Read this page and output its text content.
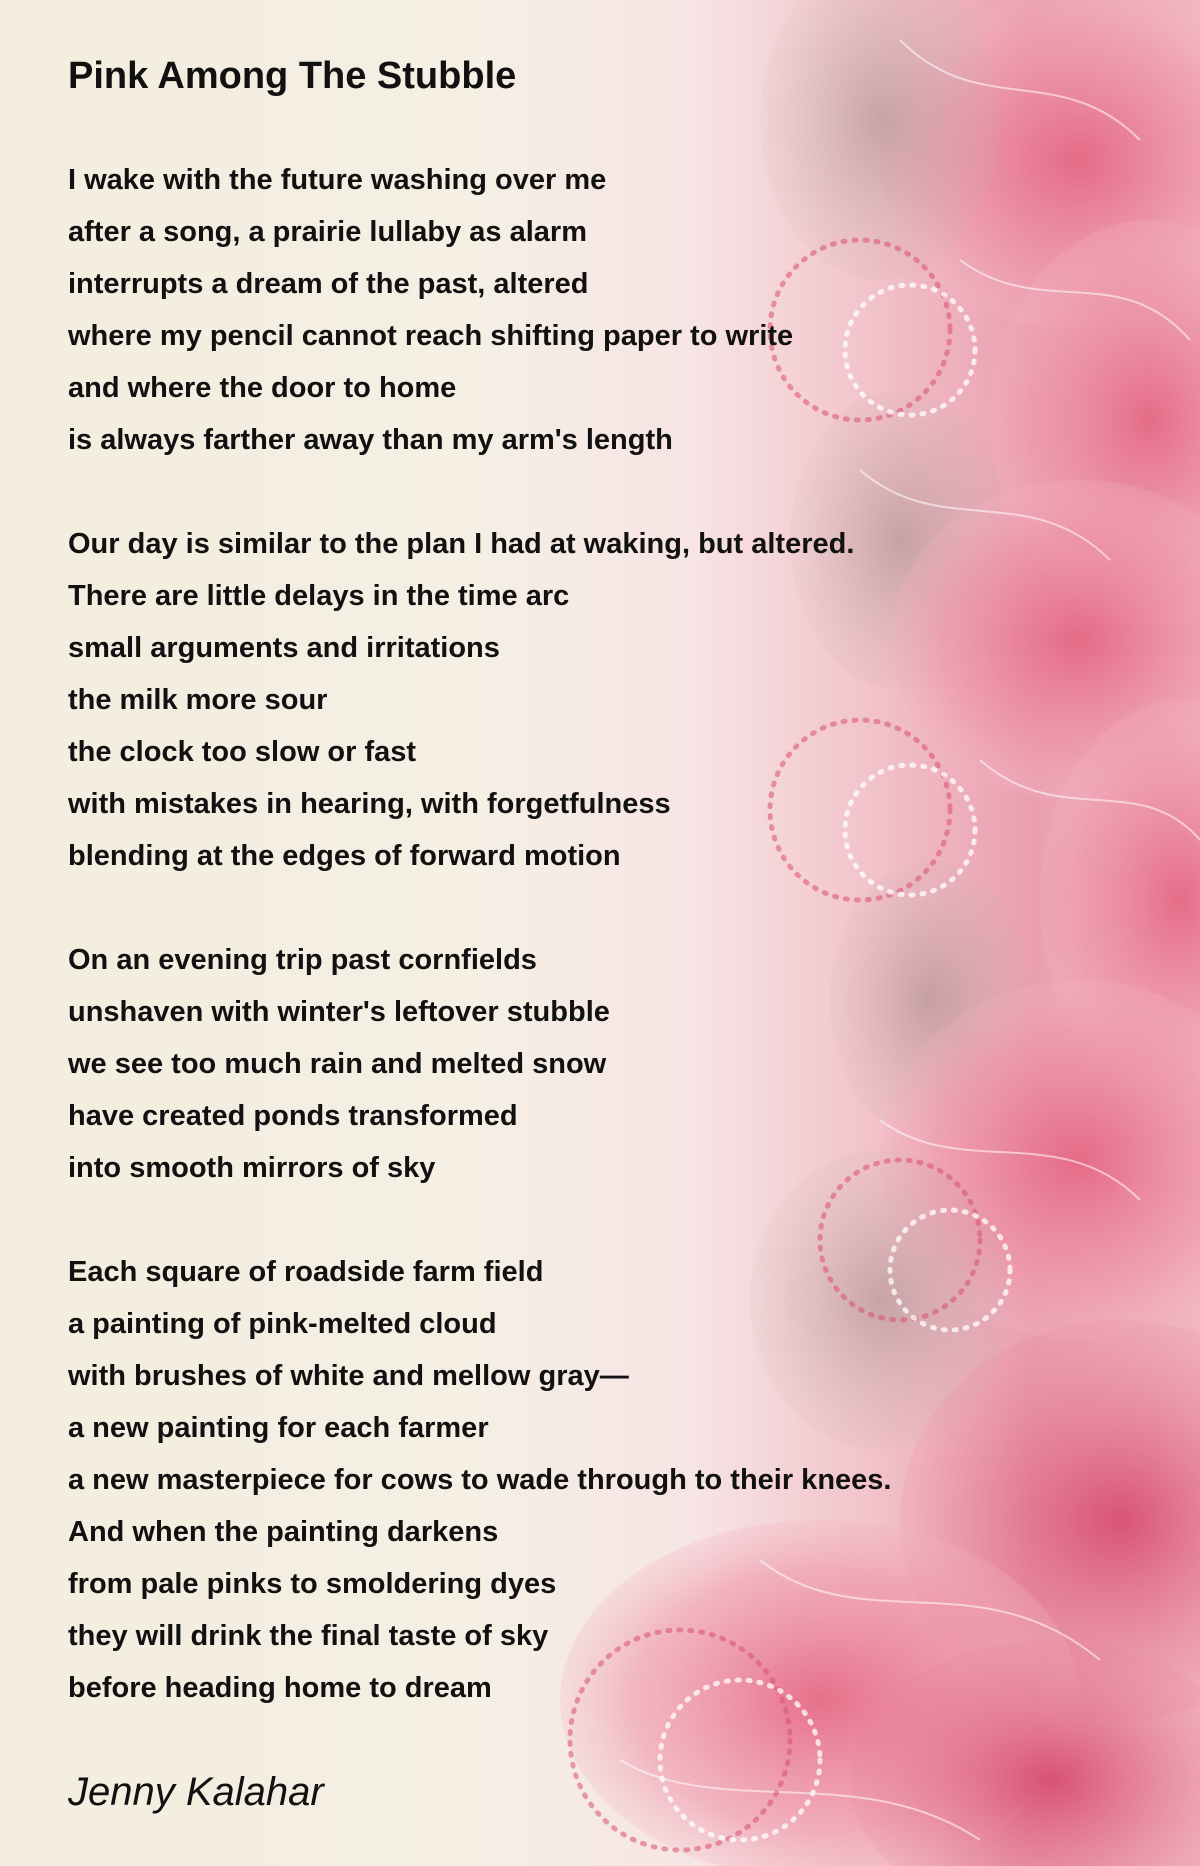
Pink Among The Stubble
I wake with the future washing over me
after a song, a prairie lullaby as alarm
interrupts a dream of the past, altered
where my pencil cannot reach shifting paper to write
and where the door to home
is always farther away than my arm's length
Our day is similar to the plan I had at waking, but altered.
There are little delays in the time arc
small arguments and irritations
the milk more sour
the clock too slow or fast
with mistakes in hearing, with forgetfulness
blending at the edges of forward motion
On an evening trip past cornfields
unshaven with winter's leftover stubble
we see too much rain and melted snow
have created ponds transformed
into smooth mirrors of sky
Each square of roadside farm field
a painting of pink-melted cloud
with brushes of white and mellow gray—
a new painting for each farmer
a new masterpiece for cows to wade through to their knees.
And when the painting darkens
from pale pinks to smoldering dyes
they will drink the final taste of sky
before heading home to dream
Jenny Kalahar
